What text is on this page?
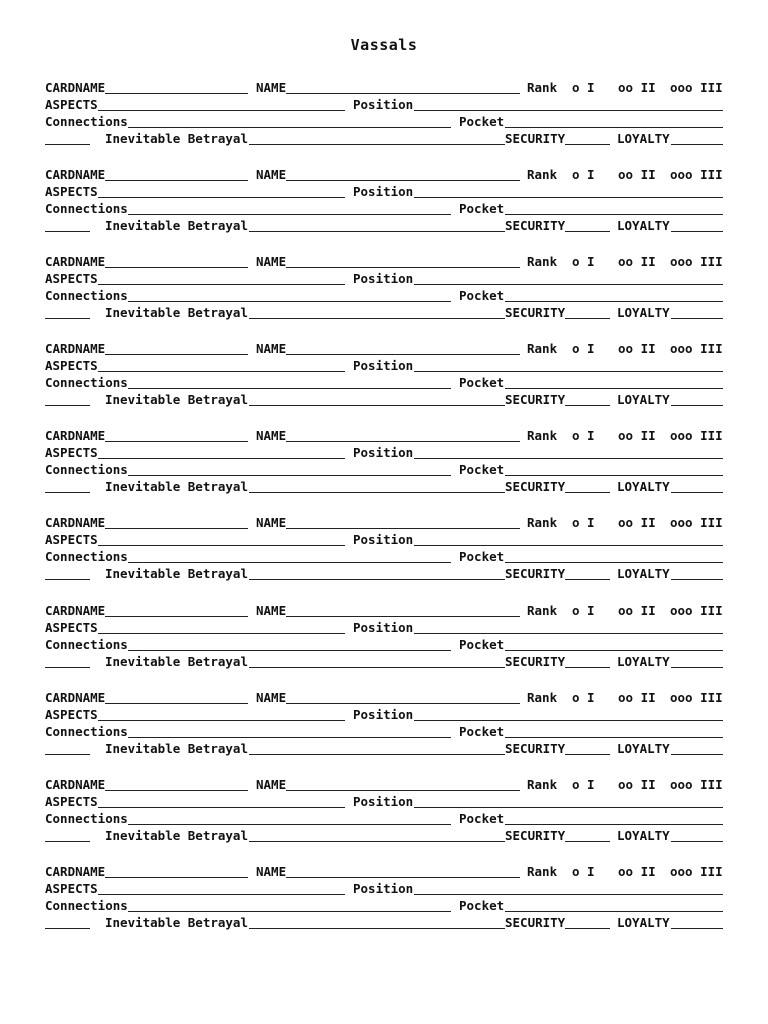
Vassals
CARDNAME	NAME	Rank o I oo II ooo III
ASPECTS	Position
Connections	Pocket
Inevitable Betrayal	SECURITY	LOYALTY
CARDNAME	NAME	Rank o I oo II ooo III
ASPECTS	Position
Connections	Pocket
Inevitable Betrayal	SECURITY	LOYALTY
CARDNAME	NAME	Rank o I oo II ooo III
ASPECTS	Position
Connections	Pocket
Inevitable Betrayal	SECURITY	LOYALTY
CARDNAME	NAME	Rank o I oo II ooo III
ASPECTS	Position
Connections	Pocket
Inevitable Betrayal	SECURITY	LOYALTY
CARDNAME	NAME	Rank o I oo II ooo III
ASPECTS	Position
Connections	Pocket
Inevitable Betrayal	SECURITY	LOYALTY
CARDNAME	NAME	Rank o I oo II ooo III
ASPECTS	Position
Connections	Pocket
Inevitable Betrayal	SECURITY	LOYALTY
CARDNAME	NAME	Rank o I oo II ooo III
ASPECTS	Position
Connections	Pocket
Inevitable Betrayal	SECURITY	LOYALTY
CARDNAME	NAME	Rank o I oo II ooo III
ASPECTS	Position
Connections	Pocket
Inevitable Betrayal	SECURITY	LOYALTY
CARDNAME	NAME	Rank o I oo II ooo III
ASPECTS	Position
Connections	Pocket
Inevitable Betrayal	SECURITY	LOYALTY
CARDNAME	NAME	Rank o I oo II ooo III
ASPECTS	Position
Connections	Pocket
Inevitable Betrayal	SECURITY	LOYALTY
